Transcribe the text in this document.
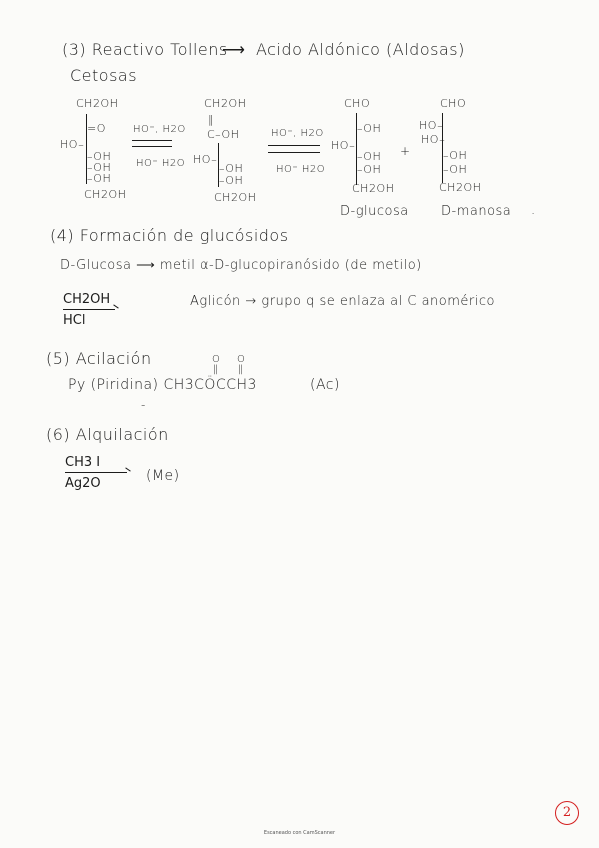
(3) Reactivo Tollens
⟶ Acido Aldónico (Aldosas)
Cetosas
CH2OH
=O
HO–
–OH
–OH
–OH
CH2OH
HO⁻, H2O
HO⁻ H2O
CH2OH
‖
C–OH
HO–
–OH
–OH
CH2OH
HO⁻, H2O
HO⁻ H2O
CHO
–OH
HO–
–OH
–OH
CH2OH
D-glucosa
+
CHO
HO–
HO–
–OH
–OH
CH2OH
D-manosa .
(4) Formación de glucósidos
D-Glucosa ⟶ metil α-D-glucopiranósido (de metilo)
CH2OH
HCl
Aglicón → grupo q se enlaza al C anomérico
(5) Acilación	O O
‖ ‖
Py (Piridina) CH3CÖCCH3	(Ac)
-
(6) Alquilación
CH3 I
Ag2O	(Me)
2
Escaneado con CamScanner
